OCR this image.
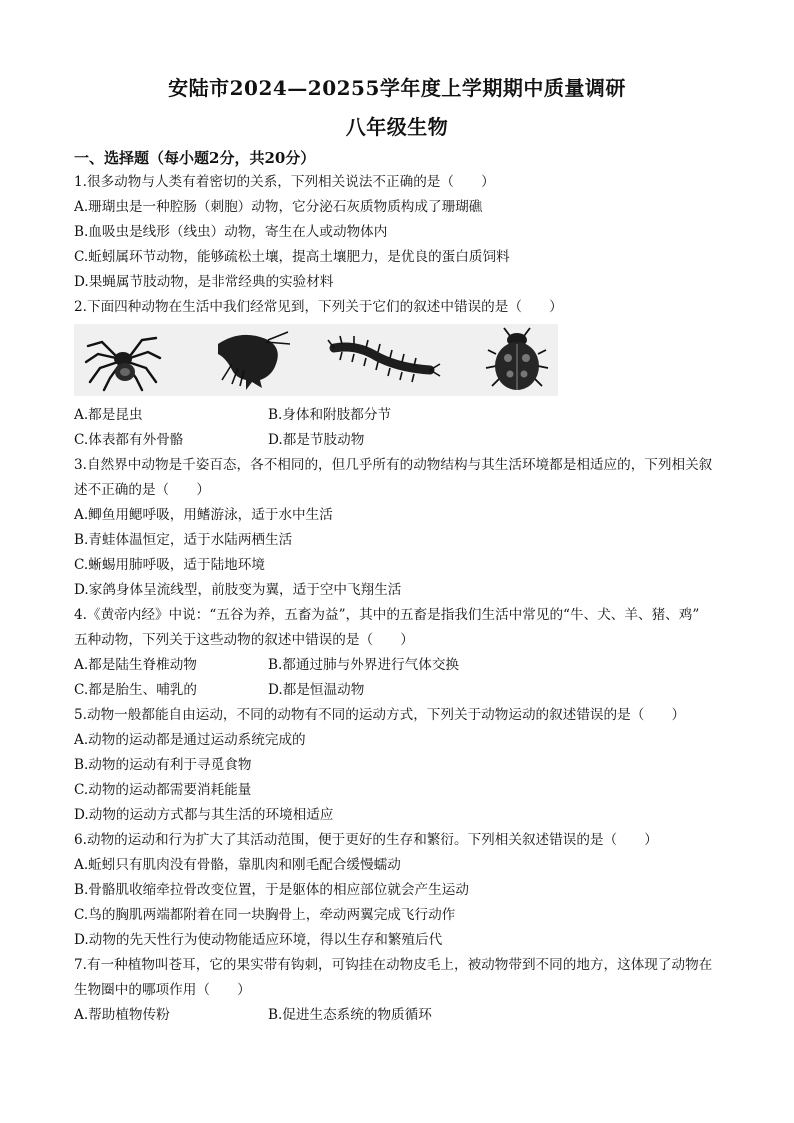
安陆市2024—20255学年度上学期期中质量调研
八年级生物
一、选择题（每小题2分，共20分）
1.很多动物与人类有着密切的关系，下列相关说法不正确的是（　　）
A.珊瑚虫是一种腔肠（刺胞）动物，它分泌石灰质物质构成了珊瑚礁
B.血吸虫是线形（线虫）动物，寄生在人或动物体内
C.蚯蚓属环节动物，能够疏松土壤，提高土壤肥力，是优良的蛋白质饲料
D.果蝇属节肢动物，是非常经典的实验材料
2.下面四种动物在生活中我们经常见到，下列关于它们的叙述中错误的是（　　）
A.都是昆虫	B.身体和附肢都分节
C.体表都有外骨骼	D.都是节肢动物
3.自然界中动物是千姿百态，各不相同的，但几乎所有的动物结构与其生活环境都是相适应的，下列相关叙
述不正确的是（　　）
A.鲫鱼用鳃呼吸，用鳍游泳，适于水中生活
B.青蛙体温恒定，适于水陆两栖生活
C.蜥蜴用肺呼吸，适于陆地环境
D.家鸽身体呈流线型，前肢变为翼，适于空中飞翔生活
4.《黄帝内经》中说：“五谷为养，五畜为益”，其中的五畜是指我们生活中常见的“牛、犬、羊、猪、鸡”
五种动物，下列关于这些动物的叙述中错误的是（　　）
A.都是陆生脊椎动物	B.都通过肺与外界进行气体交换
C.都是胎生、哺乳的	D.都是恒温动物
5.动物一般都能自由运动，不同的动物有不同的运动方式，下列关于动物运动的叙述错误的是（　　）
A.动物的运动都是通过运动系统完成的
B.动物的运动有利于寻觅食物
C.动物的运动都需要消耗能量
D.动物的运动方式都与其生活的环境相适应
6.动物的运动和行为扩大了其活动范围，便于更好的生存和繁衍。下列相关叙述错误的是（　　）
A.蚯蚓只有肌肉没有骨骼，靠肌肉和刚毛配合缓慢蠕动
B.骨骼肌收缩牵拉骨改变位置，于是躯体的相应部位就会产生运动
C.鸟的胸肌两端都附着在同一块胸骨上，牵动两翼完成飞行动作
D.动物的先天性行为使动物能适应环境，得以生存和繁殖后代
7.有一种植物叫苍耳，它的果实带有钩刺，可钩挂在动物皮毛上，被动物带到不同的地方，这体现了动物在
生物圈中的哪项作用（　　）
A.帮助植物传粉	B.促进生态系统的物质循环
